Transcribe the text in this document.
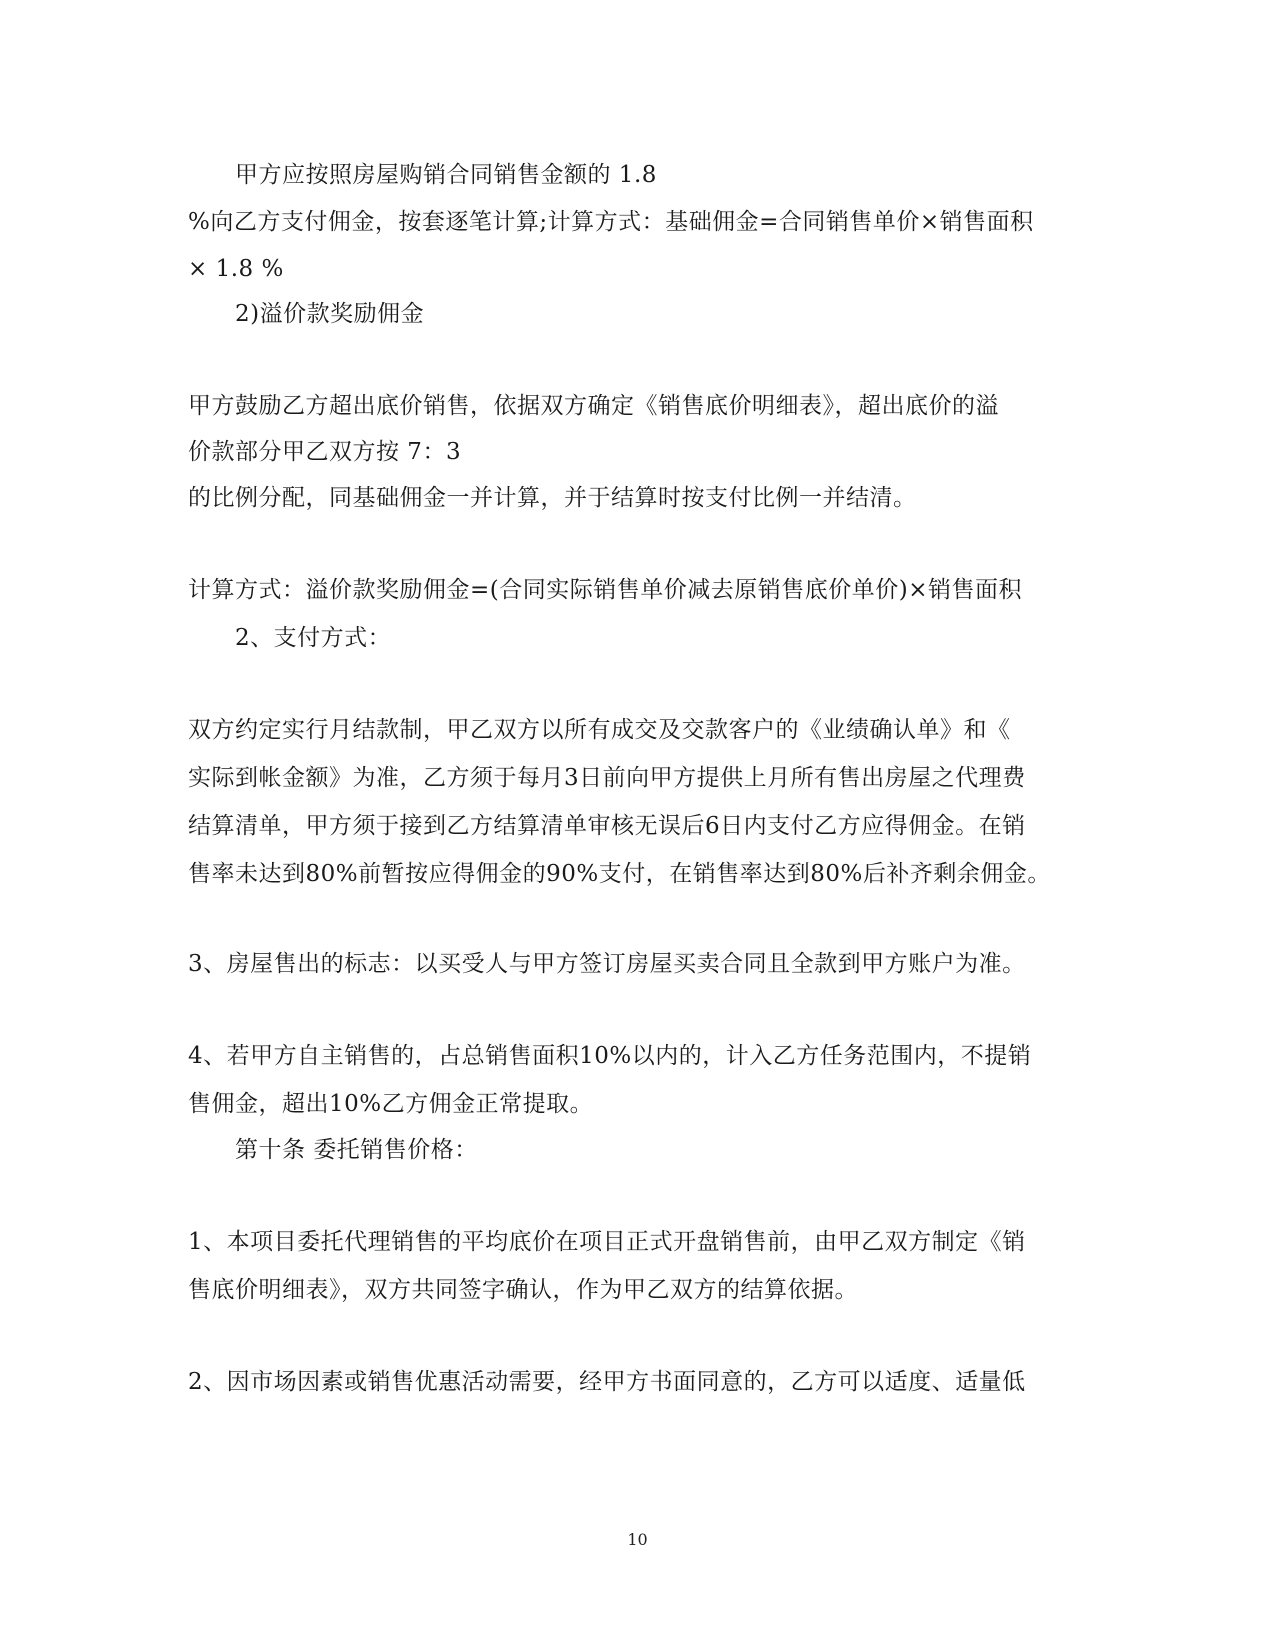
甲方应按照房屋购销合同销售金额的 1.8
%向乙方支付佣金，按套逐笔计算;计算方式：基础佣金=合同销售单价×销售面积
× 1.8 %
2)溢价款奖励佣金
甲方鼓励乙方超出底价销售，依据双方确定《销售底价明细表》，超出底价的溢
价款部分甲乙双方按 7：3
的比例分配，同基础佣金一并计算，并于结算时按支付比例一并结清。
计算方式：溢价款奖励佣金=(合同实际销售单价减去原销售底价单价)×销售面积
2、支付方式：
双方约定实行月结款制，甲乙双方以所有成交及交款客户的《业绩确认单》和《
实际到帐金额》为准，乙方须于每月3日前向甲方提供上月所有售出房屋之代理费
结算清单，甲方须于接到乙方结算清单审核无误后6日内支付乙方应得佣金。在销
售率未达到80%前暂按应得佣金的90%支付，在销售率达到80%后补齐剩余佣金。
3、房屋售出的标志：以买受人与甲方签订房屋买卖合同且全款到甲方账户为准。
4、若甲方自主销售的，占总销售面积10%以内的，计入乙方任务范围内，不提销
售佣金，超出10%乙方佣金正常提取。
第十条 委托销售价格：
1、本项目委托代理销售的平均底价在项目正式开盘销售前，由甲乙双方制定《销
售底价明细表》，双方共同签字确认，作为甲乙双方的结算依据。
2、因市场因素或销售优惠活动需要，经甲方书面同意的，乙方可以适度、适量低
10
